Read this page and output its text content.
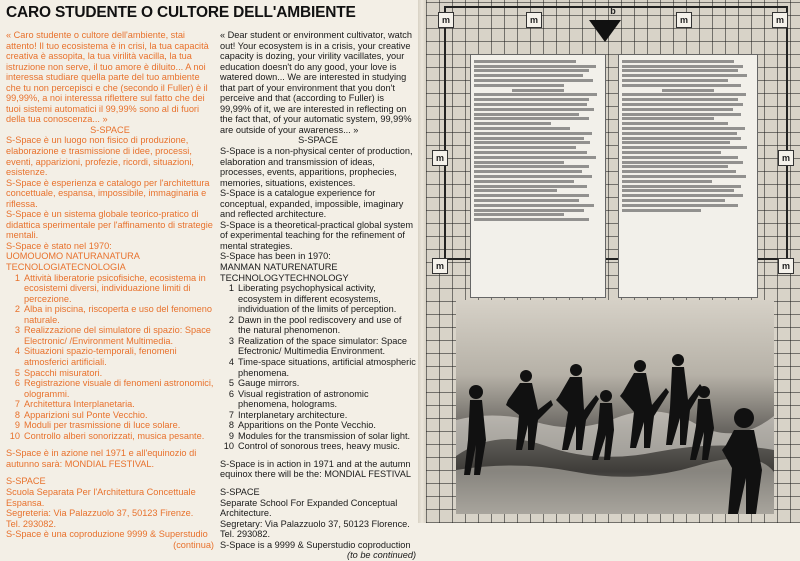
CARO STUDENTE O CULTORE DELL'AMBIENTE

« Caro studente o cultore dell'ambiente, stai attento! Il tuo ecosistema è in crisi, la tua capacità creativa è assopita, la tua virilità vacilla, la tua istruzione non serve, il tuo amore è diluito... A noi interessa studiare quella parte del tuo ambiente che tu non percepisci e che (secondo il Fuller) è il 99,99%, a noi interessa riflettere sul fatto che dei tuoi sistemi automatici il 99,99% sono al di fuori della tua conoscenza... »

S-SPACE

S-Space è un luogo non fisico di produzione, elaborazione e trasmissione di idee, processi, eventi, apparizioni, profezie, ricordi, situazioni, esistenze.

S-Space è esperienza e catalogo per l'architettura concettuale, espansa, impossibile, immaginaria e riflessa.

S-Space è un sistema globale teorico-pratico di didattica sperimentale per l'affinamento di strategie mentali.

S-Space è stato nel 1970:

UOMOUOMO NATURANATURA TECNOLOGIATECNOLOGIA

1 Attività liberatorie psicofisiche, ecosistema in ecosistemi diversi, individuazione limiti di percezione.
2 Alba in piscina, riscoperta e uso del fenomeno naturale.
3 Realizzazione del simulatore di spazio: Space Electronic/ /Environment Multimedia.
4 Situazioni spazio-temporali, fenomeni atmosferici artificiali.
5 Spacchi misuratori.
6 Registrazione visuale di fenomeni astronomici, ologrammi.
7 Architettura Interplanetaria.
8 Apparizioni sul Ponte Vecchio.
9 Moduli per trasmissione di luce solare.
10 Controllo alberi sonorizzati, musica pesante.

S-Space è in azione nel 1971 e all'equinozio di autunno sarà: MONDIAL FESTIVAL.

S-SPACE

Scuola Separata Per l'Architettura Concettuale Espansa.

Segreteria: Via Palazzuolo 37, 50123 Firenze.

Tel. 293082.

S-Space è una coproduzione 9999 & Superstudio

(continua)

« Dear student or environment cultivator, watch out! Your ecosystem is in a crisis, your creative capacity is dozing, your virility vacillates, your education doesn't do any good, your love is watered down... We are interested in studying that part of your environment that you don't perceive and that (according to Fuller) is 99,99% of it, we are interested in reflecting on the fact that, of your automatic system, 99,99% are outside of your awareness... »

S-SPACE

S-Space is a non-physical center of production, elaboration and transmission of ideas, processes, events, apparitions, prophecies, memories, situations, existences.

S-Space is a catalogue experience for conceptual, expanded, impossible, imaginary and reflected architecture.

S-Space is a theoretical-practical global system of experimental teaching for the refinement of mental strategies.

S-Space has been in 1970:

MANMAN NATURENATURE TECHNOLOGYTECHNOLOGY

1 Liberating psychophysical activity, ecosystem in different ecosystems, individuation of the limits of perception.
2 Dawn in the pool rediscovery and use of the natural phenomenon.
3 Realization of the space simulator: Space Efectronic/ Multimedia Environment.
4 Time-space situations, artificial atmospheric phenomena.
5 Gauge mirrors.
6 Visual registration of astronomic phenomena, holograms.
7 Interplanetary architecture.
8 Apparitions on the Ponte Vecchio.
9 Modules for the transmission of solar light.
10 Control of sonorous trees, heavy music.

S-Space is in action in 1971 and at the autumn equinox there will be the: MONDIAL FESTIVAL

S-SPACE

Separate School For Expanded Conceptual Architecture.

Segretary: Via Palazzuolo 37, 50123 Florence.

Tel. 293082.

S-Space is a 9999 & Superstudio coproduction
(to be continued)
m	m	m	m
m	m
m	m
b
